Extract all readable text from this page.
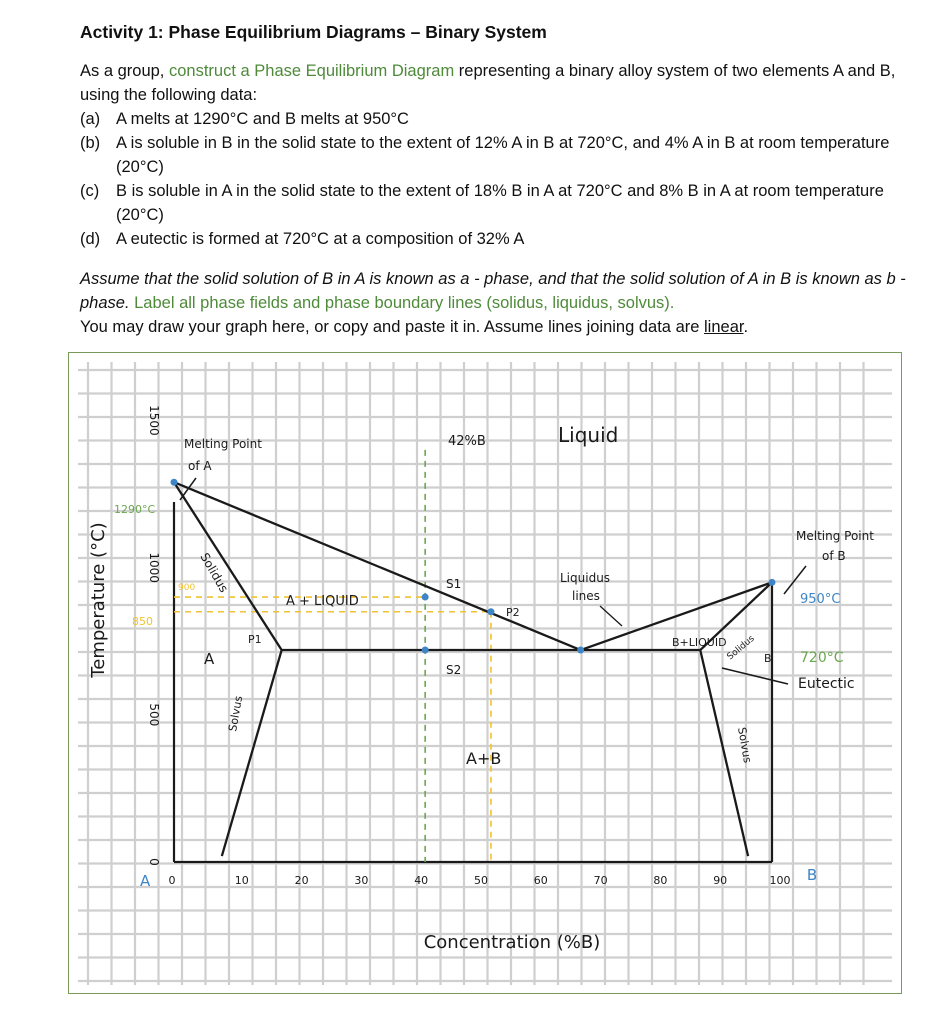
Activity 1: Phase Equilibrium Diagrams – Binary System

As a group, construct a Phase Equilibrium Diagram representing a binary alloy system of two elements A and B, using the following data:

(a) A melts at 1290°C and B melts at 950°C
(b) A is soluble in B in the solid state to the extent of 12% A in B at 720°C, and 4% A in B at room temperature (20°C)
(c)	B is soluble in A in the solid state to the extent of 18% B in A at 720°C and 8% B in A at room temperature (20°C)
(d) A eutectic is formed at 720°C at a composition of 32% A

Assume that the solid solution of B in A is known as a - phase, and that the solid solution of A in B is known as b - phase. Label all phase fields and phase boundary lines (solidus, liquidus, solvus).

You may draw your graph here, or copy and paste it in. Assume lines joining data are linear.

0	10	20	30	40	50	60	70	80	90	100
A	B
0
500
1000
1500
Temperature (°C)
Concentration (%B)
Melting Point
of A
1290°C
900
850
42%B	Liquid
A + LIQUID
S1
S2
P1
P2
Liquidus
lines
Solidus
A
Solvus
A+B
B+LIQUID
Solidus B
Solvus
Melting Point
of B
950°C
720°C
Eutectic
